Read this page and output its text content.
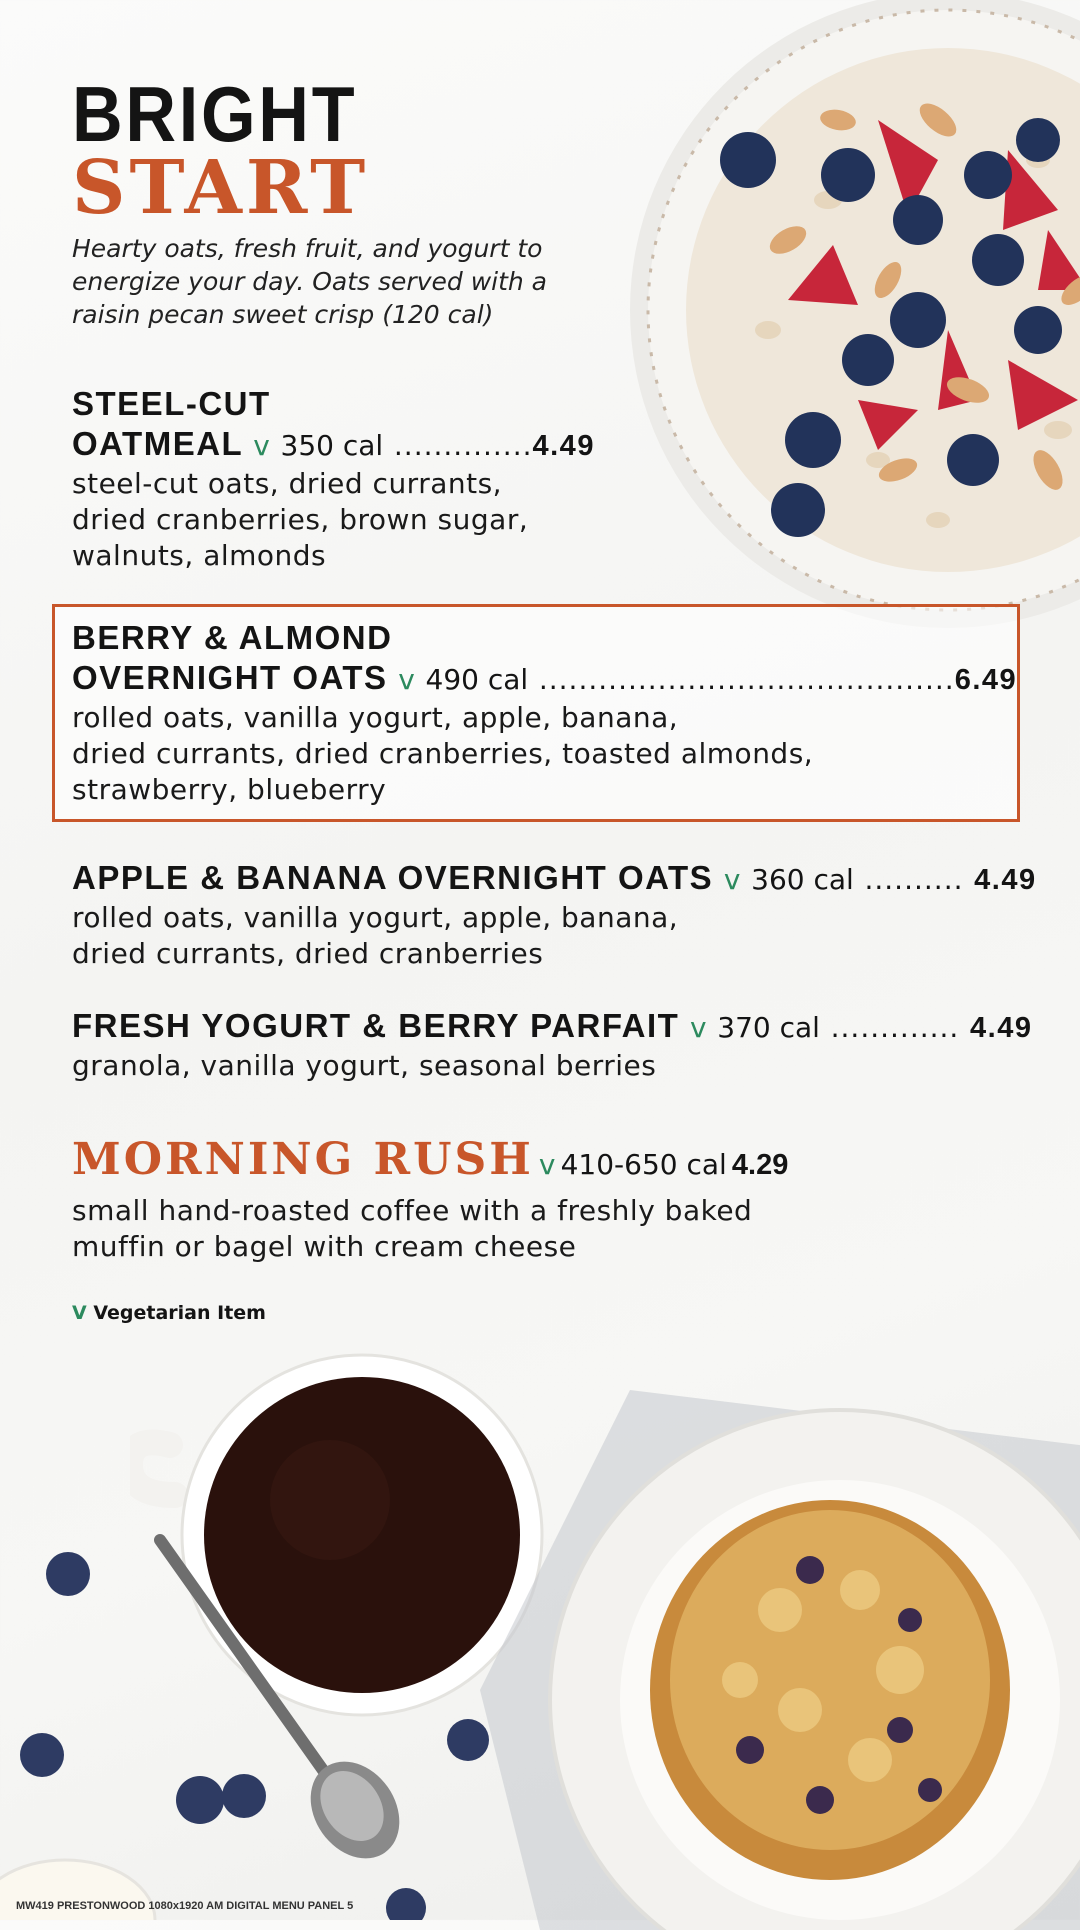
BRIGHT
START
Hearty oats, fresh fruit, and yogurt to energize your day. Oats served with a raisin pecan sweet crisp (120 cal)
STEEL-CUT
OATMEAL v 350 cal ..............4.49
steel-cut oats, dried currants,
dried cranberries, brown sugar,
walnuts, almonds
BERRY & ALMOND
OVERNIGHT OATS v 490 cal ..........................................6.49
rolled oats, vanilla yogurt, apple, banana,
dried currants, dried cranberries, toasted almonds,
strawberry, blueberry
APPLE & BANANA OVERNIGHT OATS v 360 cal .......... 4.49
rolled oats, vanilla yogurt, apple, banana,
dried currants, dried cranberries
FRESH YOGURT & BERRY PARFAIT v 370 cal ............. 4.49
granola, vanilla yogurt, seasonal berries
MORNING RUSH v 410-650 cal 4.29
small hand-roasted coffee with a freshly baked
muffin or bagel with cream cheese
V Vegetarian Item
MW419 PRESTONWOOD 1080x1920 AM DIGITAL MENU PANEL 5
